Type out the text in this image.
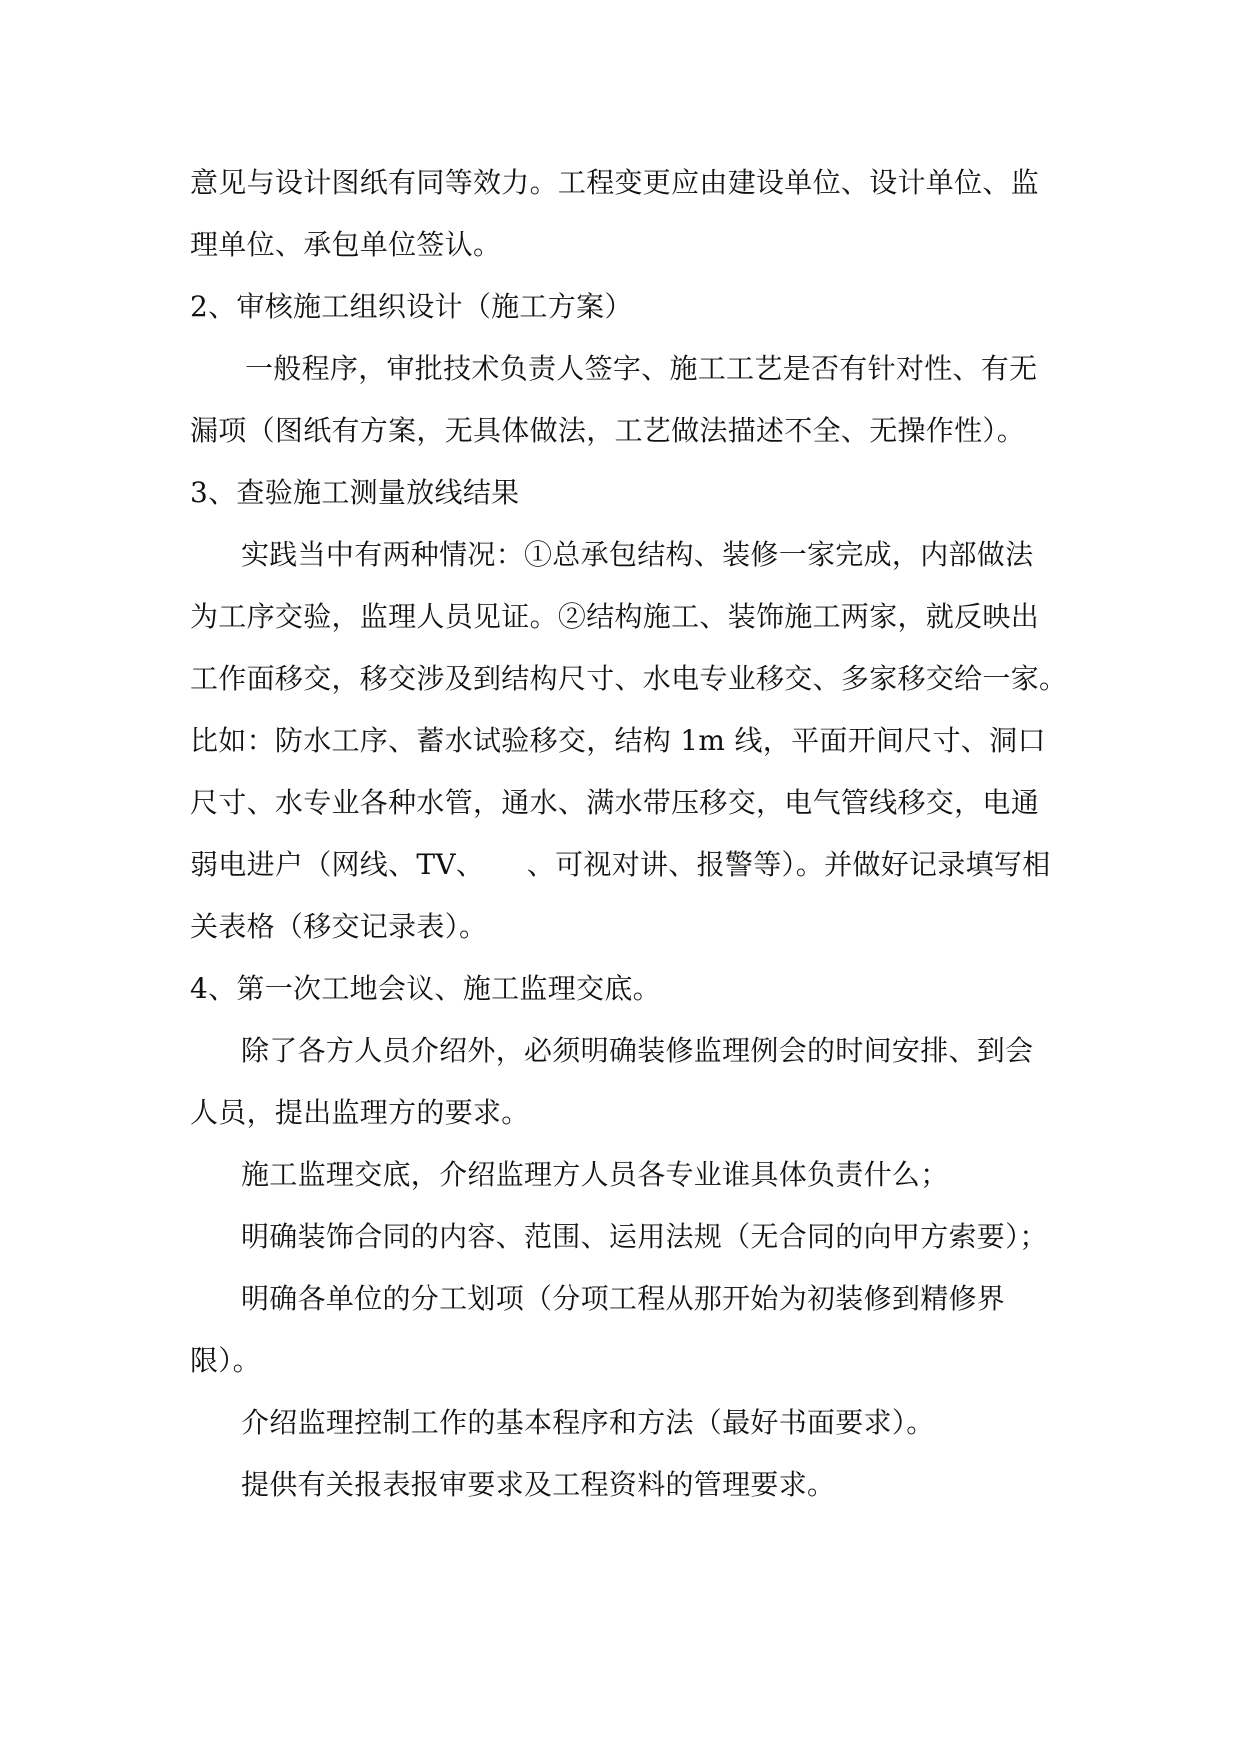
意见与设计图纸有同等效力。工程变更应由建设单位、设计单位、监
理单位、承包单位签认。
2、审核施工组织设计（施工方案）
一般程序，审批技术负责人签字、施工工艺是否有针对性、有无
漏项（图纸有方案，无具体做法，工艺做法描述不全、无操作性）。
3、查验施工测量放线结果
实践当中有两种情况：①总承包结构、装修一家完成，内部做法
为工序交验，监理人员见证。②结构施工、装饰施工两家，就反映出
工作面移交，移交涉及到结构尺寸、水电专业移交、多家移交给一家。
比如：防水工序、蓄水试验移交，结构 1m 线，平面开间尺寸、洞口
尺寸、水专业各种水管，通水、满水带压移交，电气管线移交，电通
弱电进户（网线、TV、　　、可视对讲、报警等）。并做好记录填写相
关表格（移交记录表）。
4、第一次工地会议、施工监理交底。
除了各方人员介绍外，必须明确装修监理例会的时间安排、到会
人员，提出监理方的要求。
施工监理交底，介绍监理方人员各专业谁具体负责什么；
明确装饰合同的内容、范围、运用法规（无合同的向甲方索要）；
明确各单位的分工划项（分项工程从那开始为初装修到精修界
限）。
介绍监理控制工作的基本程序和方法（最好书面要求）。
提供有关报表报审要求及工程资料的管理要求。
